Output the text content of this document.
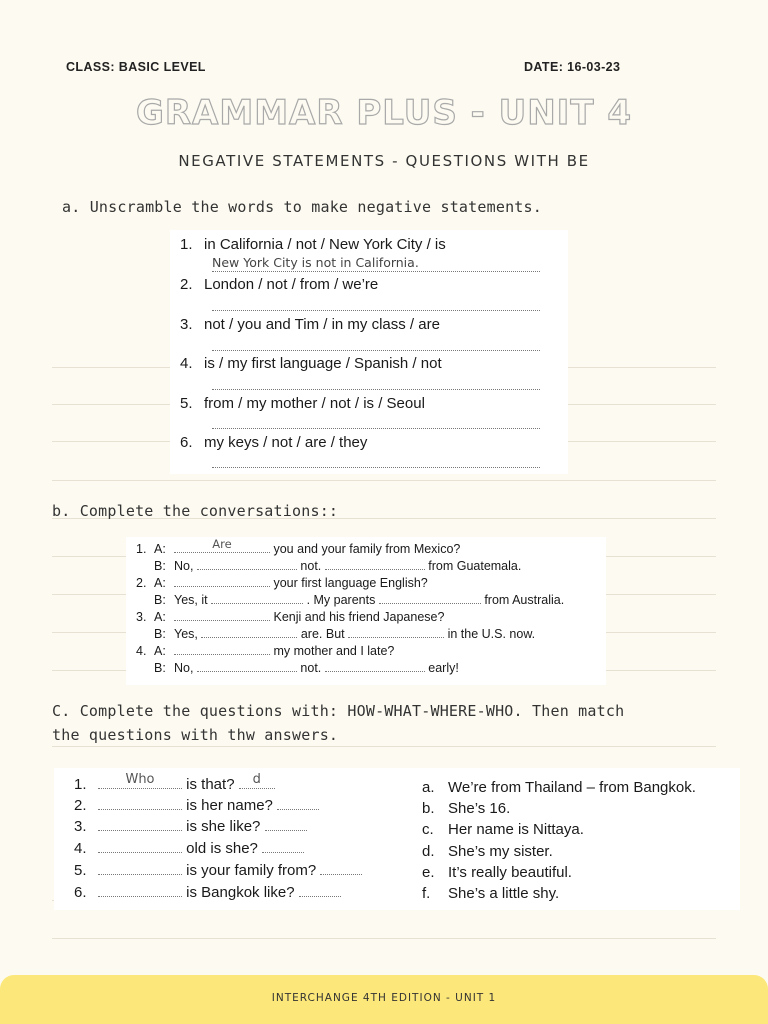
CLASS: BASIC LEVEL	DATE: 16-03-23
GRAMMAR PLUS - UNIT 4
NEGATIVE STATEMENTS - QUESTIONS WITH BE
a. Unscramble the words to make negative statements.
1. in California / not / New York City / is
New York City is not in California.
2. London / not / from / we’re
3. not / you and Tim / in my class / are
4. is / my first language / Spanish / not
5. from / my mother / not / is / Seoul
6. my keys / not / are / they
b. Complete the conversations::
1. A:	Are	you and your family from Mexico?
B: No,	not.	from Guatemala.
2. A:	your first language English?
B: Yes, it	. My parents	from Australia.
3. A:	Kenji and his friend Japanese?
B: Yes,	are. But	in the U.S. now.
4. A:	my mother and I late?
B: No,	not.	early!
C. Complete the questions with: HOW-WHAT-WHERE-WHO. Then match
the questions with thw answers.
1.	Who	is that?	d
2.	is her name?
3.	is she like?
4.	old is she?
5.	is your family from?
6.	is Bangkok like?
a. We’re from Thailand – from Bangkok.
b. She’s 16.
c. Her name is Nittaya.
d. She’s my sister.
e. It’s really beautiful.
f. She’s a little shy.
INTERCHANGE 4TH EDITION - UNIT 1
